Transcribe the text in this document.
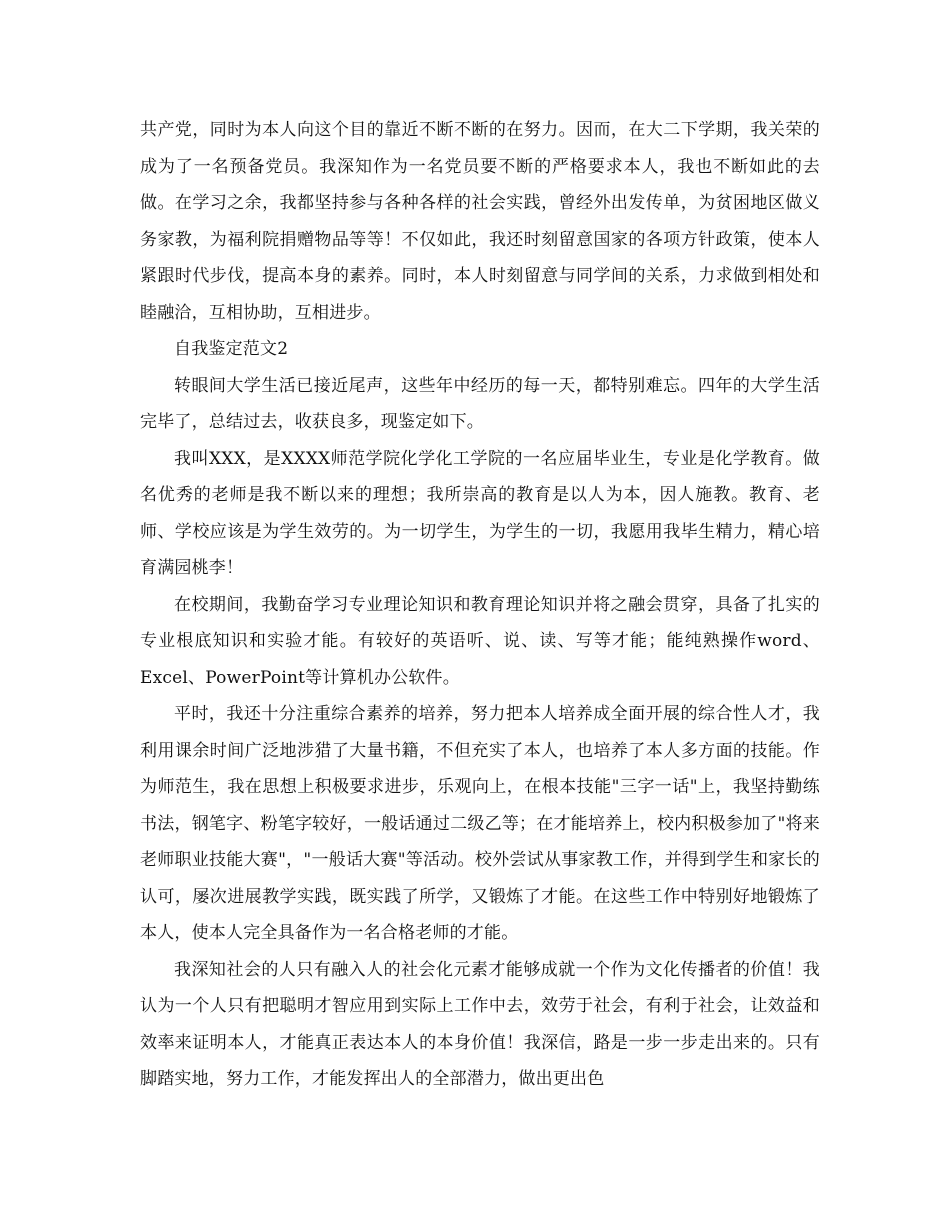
共产党，同时为本人向这个目的靠近不断不断的在努力。因而，在大二下学期，我关荣的成为了一名预备党员。我深知作为一名党员要不断的严格要求本人，我也不断如此的去做。在学习之余，我都坚持参与各种各样的社会实践，曾经外出发传单，为贫困地区做义务家教，为福利院捐赠物品等等！不仅如此，我还时刻留意国家的各项方针政策，使本人紧跟时代步伐，提高本身的素养。同时，本人时刻留意与同学间的关系，力求做到相处和睦融洽，互相协助，互相进步。

自我鉴定范文2

转眼间大学生活已接近尾声，这些年中经历的每一天，都特别难忘。四年的大学生活完毕了，总结过去，收获良多，现鉴定如下。

我叫XXX，是XXXX师范学院化学化工学院的一名应届毕业生，专业是化学教育。做名优秀的老师是我不断以来的理想；我所崇高的教育是以人为本，因人施教。教育、老师、学校应该是为学生效劳的。为一切学生，为学生的一切，我愿用我毕生精力，精心培育满园桃李！

在校期间，我勤奋学习专业理论知识和教育理论知识并将之融会贯穿，具备了扎实的专业根底知识和实验才能。有较好的英语听、说、读、写等才能；能纯熟操作word、Excel、PowerPoint等计算机办公软件。

平时，我还十分注重综合素养的培养，努力把本人培养成全面开展的综合性人才，我利用课余时间广泛地涉猎了大量书籍，不但充实了本人，也培养了本人多方面的技能。作为师范生，我在思想上积极要求进步，乐观向上，在根本技能"三字一话"上，我坚持勤练书法，钢笔字、粉笔字较好，一般话通过二级乙等；在才能培养上，校内积极参加了"将来老师职业技能大赛"，"一般话大赛"等活动。校外尝试从事家教工作，并得到学生和家长的认可，屡次进展教学实践，既实践了所学，又锻炼了才能。在这些工作中特别好地锻炼了本人，使本人完全具备作为一名合格老师的才能。

我深知社会的人只有融入人的社会化元素才能够成就一个作为文化传播者的价值！我认为一个人只有把聪明才智应用到实际上工作中去，效劳于社会，有利于社会，让效益和效率来证明本人，才能真正表达本人的本身价值！我深信，路是一步一步走出来的。只有脚踏实地，努力工作，才能发挥出人的全部潜力，做出更出色
